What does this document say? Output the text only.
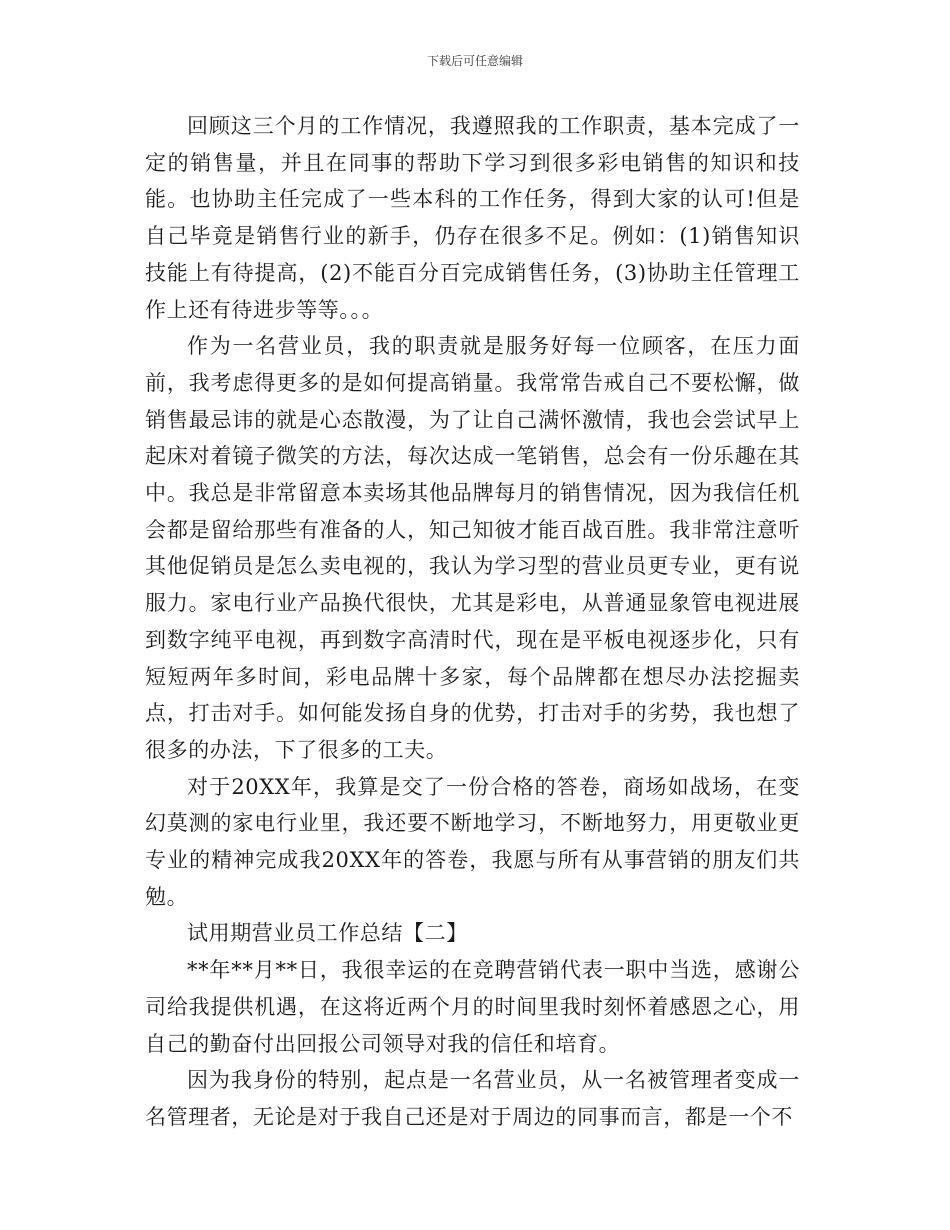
下载后可任意编辑

回顾这三个月的工作情况，我遵照我的工作职责，基本完成了一定的销售量，并且在同事的帮助下学习到很多彩电销售的知识和技能。也协助主任完成了一些本科的工作任务，得到大家的认可!但是自己毕竟是销售行业的新手，仍存在很多不足。例如：(1)销售知识技能上有待提高，(2)不能百分百完成销售任务，(3)协助主任管理工作上还有待进步等等。。。

作为一名营业员，我的职责就是服务好每一位顾客，在压力面前，我考虑得更多的是如何提高销量。我常常告戒自己不要松懈，做销售最忌讳的就是心态散漫，为了让自己满怀激情，我也会尝试早上起床对着镜子微笑的方法，每次达成一笔销售，总会有一份乐趣在其中。我总是非常留意本卖场其他品牌每月的销售情况，因为我信任机会都是留给那些有准备的人，知己知彼才能百战百胜。我非常注意听其他促销员是怎么卖电视的，我认为学习型的营业员更专业，更有说服力。家电行业产品换代很快，尤其是彩电，从普通显象管电视进展到数字纯平电视，再到数字高清时代，现在是平板电视逐步化，只有短短两年多时间，彩电品牌十多家，每个品牌都在想尽办法挖掘卖点，打击对手。如何能发扬自身的优势，打击对手的劣势，我也想了很多的办法，下了很多的工夫。

对于20XX年，我算是交了一份合格的答卷，商场如战场，在变幻莫测的家电行业里，我还要不断地学习，不断地努力，用更敬业更专业的精神完成我20XX年的答卷，我愿与所有从事营销的朋友们共勉。

试用期营业员工作总结【二】

**年**月**日，我很幸运的在竞聘营销代表一职中当选，感谢公司给我提供机遇，在这将近两个月的时间里我时刻怀着感恩之心，用自己的勤奋付出回报公司领导对我的信任和培育。

因为我身份的特别，起点是一名营业员，从一名被管理者变成一名管理者，无论是对于我自己还是对于周边的同事而言，都是一个不
